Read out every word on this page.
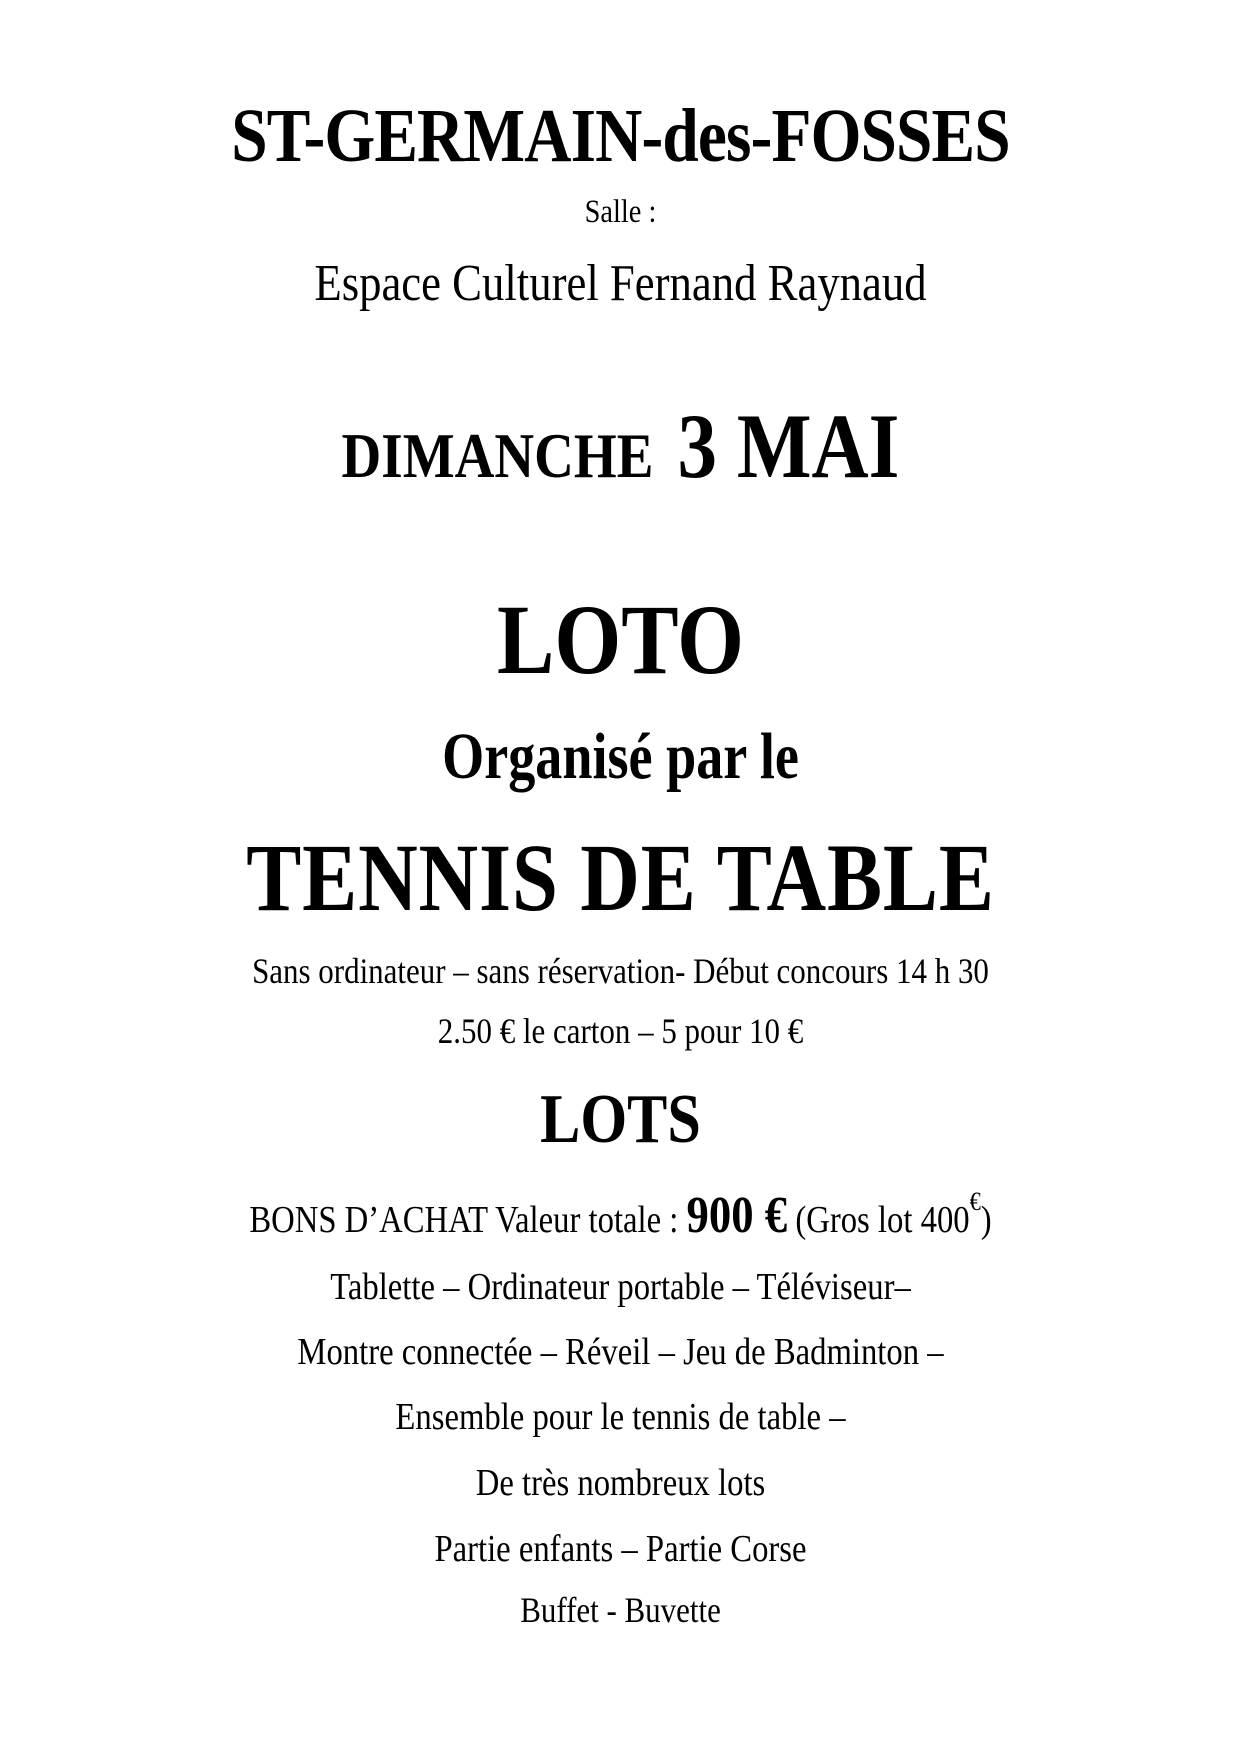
ST-GERMAIN-des-FOSSES
Salle :
Espace Culturel Fernand Raynaud
DIMANCHE 3 MAI
LOTO
Organisé par le
TENNIS DE TABLE
Sans ordinateur – sans réservation- Début concours 14 h 30
2.50 € le carton – 5 pour 10 €
LOTS
BONS D’ACHAT Valeur totale : 900 € (Gros lot 400€)
Tablette – Ordinateur portable – Téléviseur–
Montre connectée – Réveil – Jeu de Badminton –
Ensemble pour le tennis de table –
De très nombreux lots
Partie enfants – Partie Corse
Buffet - Buvette
